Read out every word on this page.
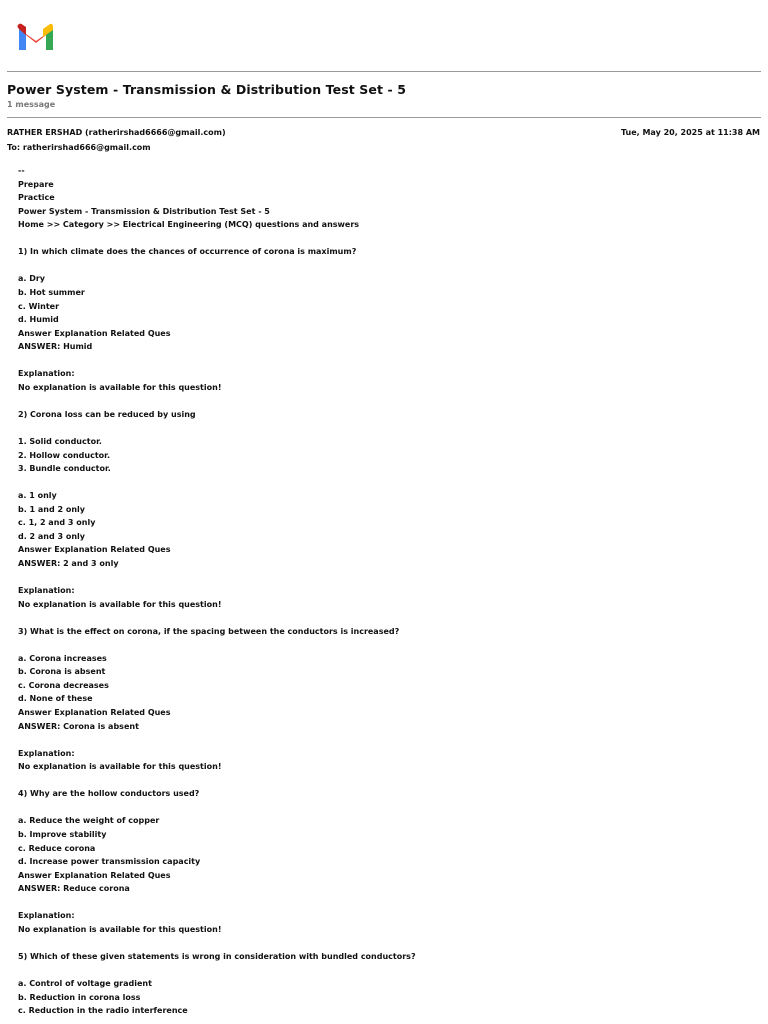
Power System - Transmission & Distribution Test Set - 5
1 message
RATHER ERSHAD (ratherirshad6666@gmail.com)	Tue, May 20, 2025 at 11:38 AM
To: ratherirshad666@gmail.com
--
Prepare
Practice
Power System - Transmission & Distribution Test Set - 5
Home >> Category >> Electrical Engineering (MCQ) questions and answers
1) In which climate does the chances of occurrence of corona is maximum?
a. Dry
b. Hot summer
c. Winter
d. Humid
Answer Explanation Related Ques
ANSWER: Humid
Explanation:
No explanation is available for this question!
2) Corona loss can be reduced by using
1. Solid conductor.
2. Hollow conductor.
3. Bundle conductor.
a. 1 only
b. 1 and 2 only
c. 1, 2 and 3 only
d. 2 and 3 only
Answer Explanation Related Ques
ANSWER: 2 and 3 only
Explanation:
No explanation is available for this question!
3) What is the effect on corona, if the spacing between the conductors is increased?
a. Corona increases
b. Corona is absent
c. Corona decreases
d. None of these
Answer Explanation Related Ques
ANSWER: Corona is absent
Explanation:
No explanation is available for this question!
4) Why are the hollow conductors used?
a. Reduce the weight of copper
b. Improve stability
c. Reduce corona
d. Increase power transmission capacity
Answer Explanation Related Ques
ANSWER: Reduce corona
Explanation:
No explanation is available for this question!
5) Which of these given statements is wrong in consideration with bundled conductors?
a. Control of voltage gradient
b. Reduction in corona loss
c. Reduction in the radio interference
